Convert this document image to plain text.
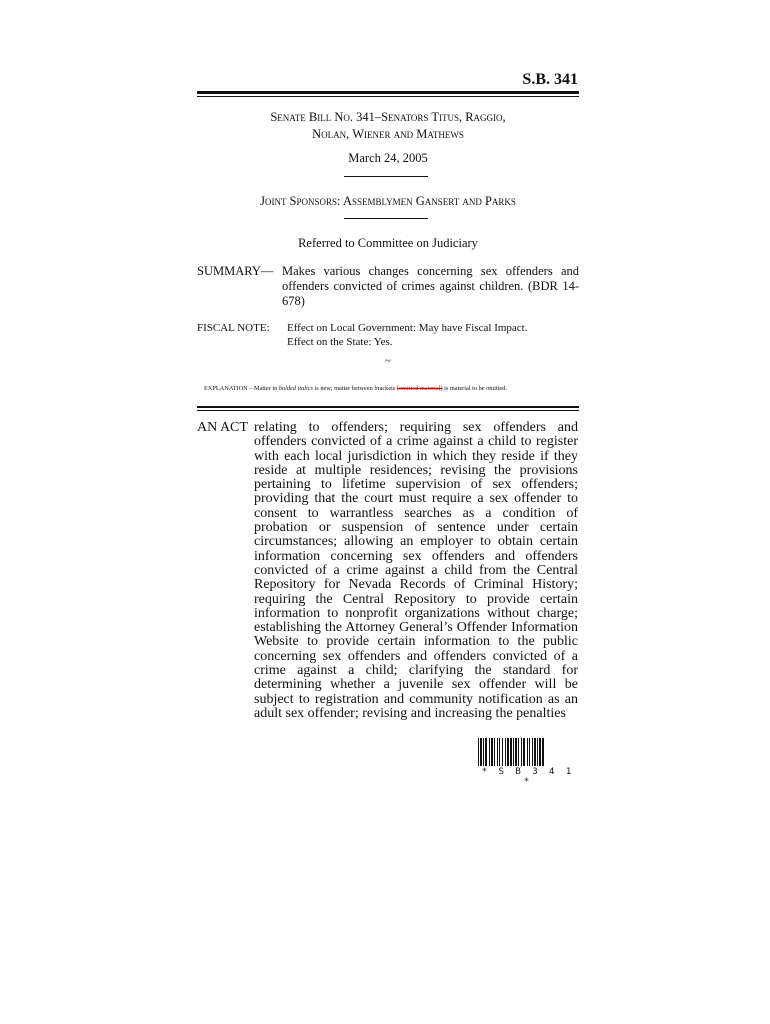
S.B. 341
Senate Bill No. 341–Senators Titus, Raggio,
Nolan, Wiener and Mathews
March 24, 2005
Joint Sponsors: Assemblymen Gansert and Parks
Referred to Committee on Judiciary
SUMMARY— Makes various changes concerning sex offenders and offenders convicted of crimes against children. (BDR 14-678)
FISCAL NOTE: Effect on Local Government: May have Fiscal Impact.
Effect on the State: Yes.
~
EXPLANATION – Matter in bolded italics is new; matter between brackets [omitted material] is material to be omitted.
AN ACT relating to offenders; requiring sex offenders and offenders convicted of a crime against a child to register with each local jurisdiction in which they reside if they reside at multiple residences; revising the provisions pertaining to lifetime supervision of sex offenders; providing that the court must require a sex offender to consent to warrantless searches as a condition of probation or suspension of sentence under certain circumstances; allowing an employer to obtain certain information concerning sex offenders and offenders convicted of a crime against a child from the Central Repository for Nevada Records of Criminal History; requiring the Central Repository to provide certain information to nonprofit organizations without charge; establishing the Attorney General’s Offender Information Website to provide certain information to the public concerning sex offenders and offenders convicted of a crime against a child; clarifying the standard for determining whether a juvenile sex offender will be subject to registration and community notification as an adult sex offender; revising and increasing the penalties
* S B 3 4 1 *
